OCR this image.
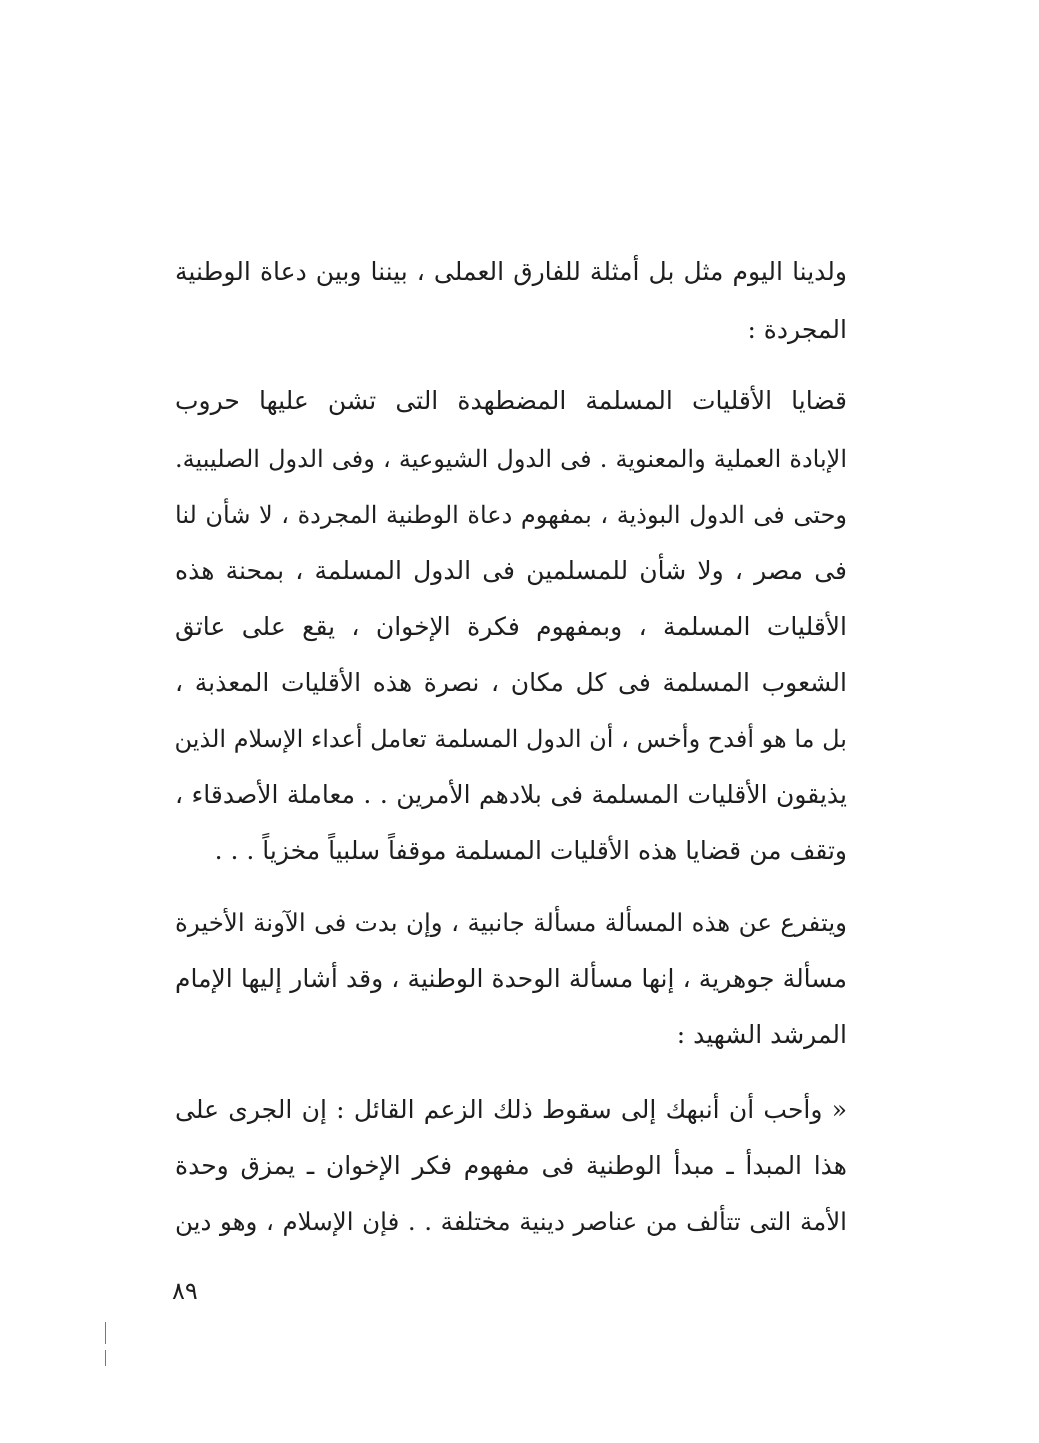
ولدينا اليوم مثل بل أمثلة للفارق العملى ، بيننا وبين دعاة الوطنية
المجردة :
قضايا الأقليات المسلمة المضطهدة التى تشن عليها حروب
الإبادة العملية والمعنوية . فى الدول الشيوعية ، وفى الدول الصليبية.
وحتى فى الدول البوذية ، بمفهوم دعاة الوطنية المجردة ، لا شأن لنا
فى مصر ، ولا شأن للمسلمين فى الدول المسلمة ، بمحنة هذه
الأقليات المسلمة ، وبمفهوم فكرة الإخوان ، يقع على عاتق
الشعوب المسلمة فى كل مكان ، نصرة هذه الأقليات المعذبة ،
بل ما هو أفدح وأخس ، أن الدول المسلمة تعامل أعداء الإسلام الذين
يذيقون الأقليات المسلمة فى بلادهم الأمرين . . معاملة الأصدقاء ،
وتقف من قضايا هذه الأقليات المسلمة موقفاً سلبياً مخزياً . . .
ويتفرع عن هذه المسألة مسألة جانبية ، وإن بدت فى الآونة الأخيرة
مسألة جوهرية ، إنها مسألة الوحدة الوطنية ، وقد أشار إليها الإمام
المرشد الشهيد :
« وأحب أن أنبهك إلى سقوط ذلك الزعم القائل : إن الجرى على
هذا المبدأ ـ مبدأ الوطنية فى مفهوم فكر الإخوان ـ يمزق وحدة
الأمة التى تتألف من عناصر دينية مختلفة . . فإن الإسلام ، وهو دين
٨٩
